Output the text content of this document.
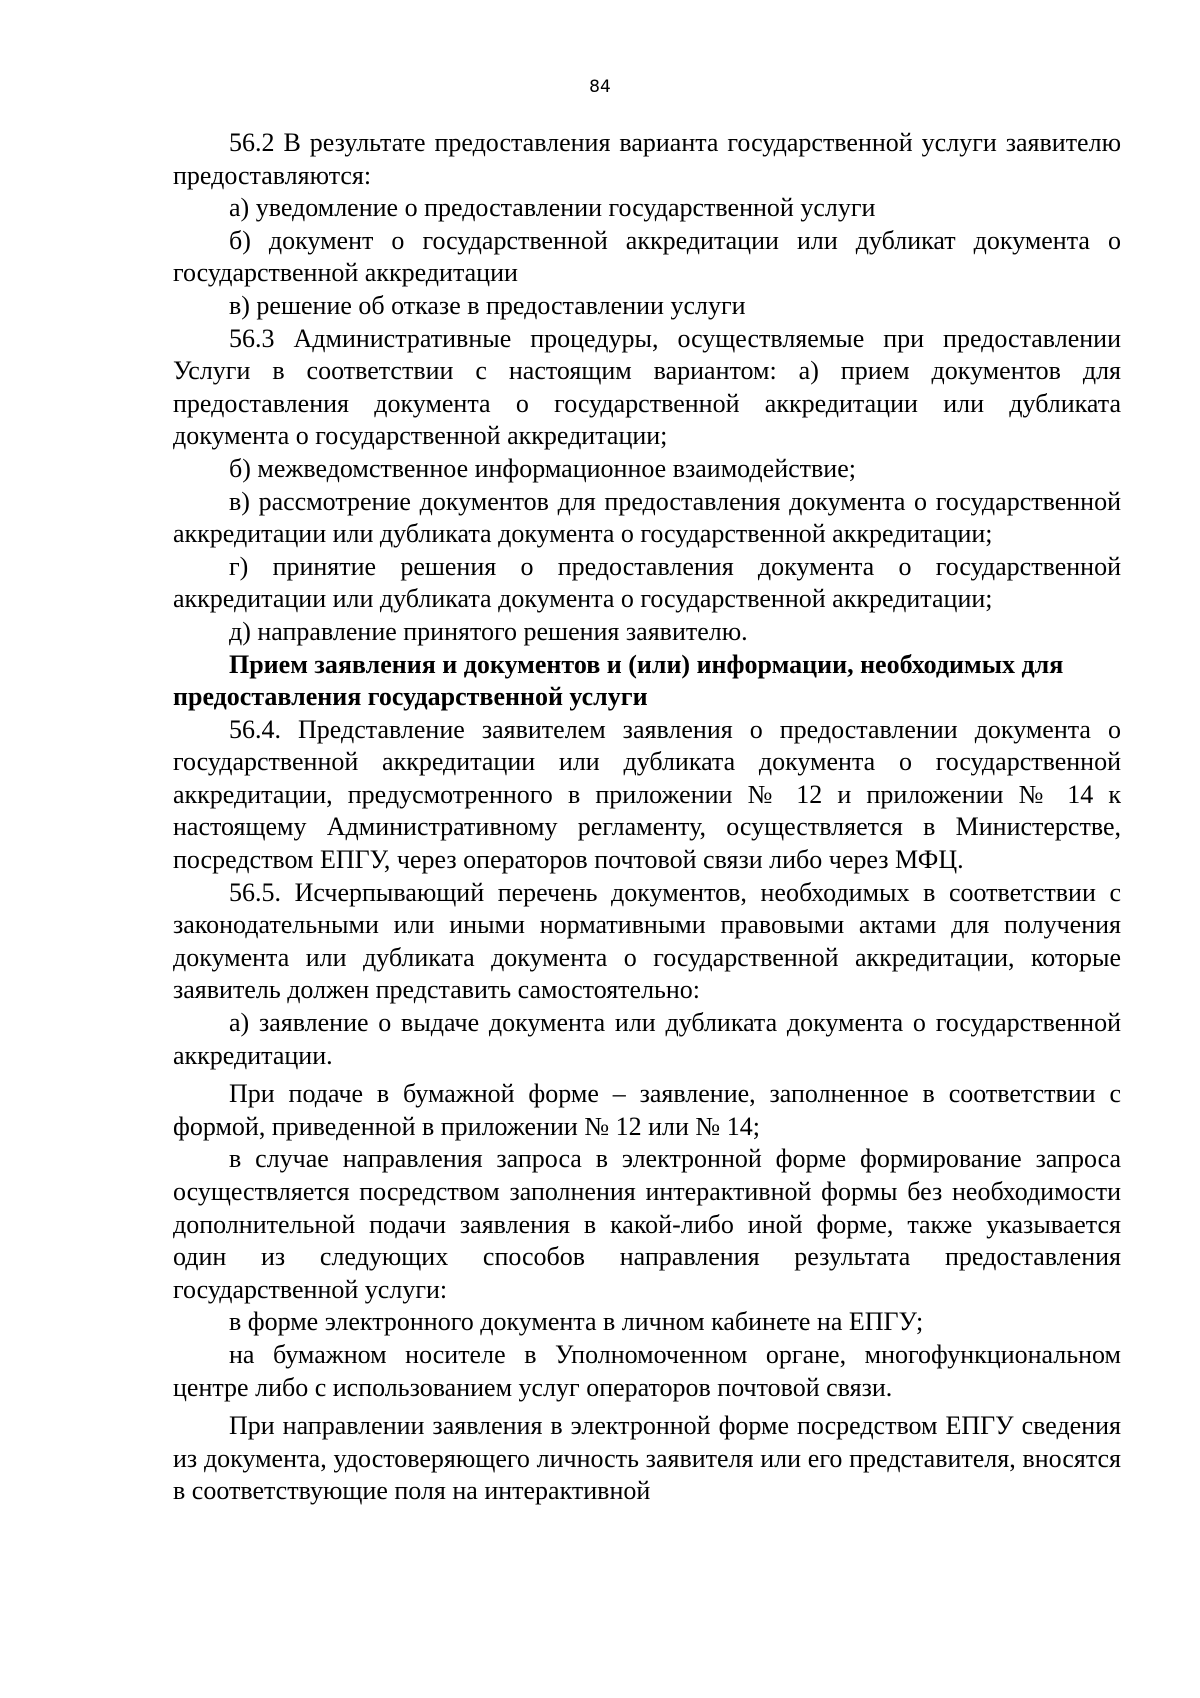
84

56.2 В результате предоставления варианта государственной услуги заявителю предоставляются:

а) уведомление о предоставлении государственной услуги

б) документ о государственной аккредитации или дубликат документа о государственной аккредитации

в) решение об отказе в предоставлении услуги

56.3 Административные процедуры, осуществляемые при предоставлении Услуги в соответствии с настоящим вариантом: а) прием документов для предоставления документа о государственной аккредитации или дубликата документа о государственной аккредитации;

б) межведомственное информационное взаимодействие;

в) рассмотрение документов для предоставления документа о государственной аккредитации или дубликата документа о государственной аккредитации;

г) принятие решения о предоставления документа о государственной аккредитации или дубликата документа о государственной аккредитации;

д) направление принятого решения заявителю.

Прием заявления и документов и (или) информации, необходимых для предоставления государственной услуги

56.4. Представление заявителем заявления о предоставлении документа о государственной аккредитации или дубликата документа о государственной аккредитации, предусмотренного в приложении № 12 и приложении № 14 к настоящему Административному регламенту, осуществляется в Министерстве, посредством ЕПГУ, через операторов почтовой связи либо через МФЦ.

56.5. Исчерпывающий перечень документов, необходимых в соответствии с законодательными или иными нормативными правовыми актами для получения документа или дубликата документа о государственной аккредитации, которые заявитель должен представить самостоятельно:

а) заявление о выдаче документа или дубликата документа о государственной аккредитации.

При подаче в бумажной форме – заявление, заполненное в соответствии с формой, приведенной в приложении № 12 или № 14;

в случае направления запроса в электронной форме формирование запроса осуществляется посредством заполнения интерактивной формы без необходимости дополнительной подачи заявления в какой-либо иной форме, также указывается один из следующих способов направления результата предоставления государственной услуги:

в форме электронного документа в личном кабинете на ЕПГУ;

на бумажном носителе в Уполномоченном органе, многофункциональном центре либо с использованием услуг операторов почтовой связи.

При направлении заявления в электронной форме посредством ЕПГУ сведения из документа, удостоверяющего личность заявителя или его представителя, вносятся в соответствующие поля на интерактивной
